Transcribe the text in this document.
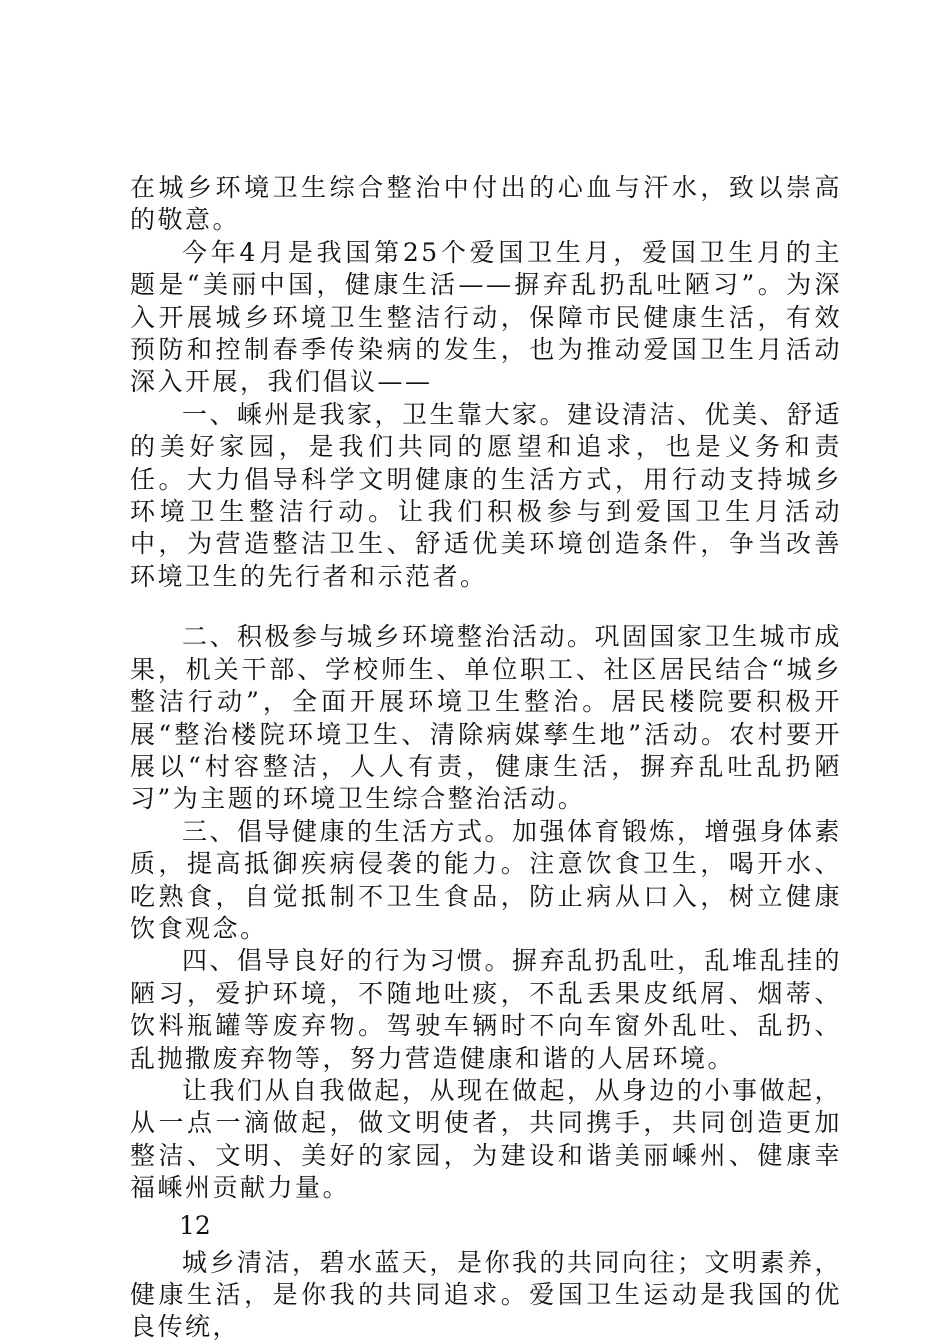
在城乡环境卫生综合整治中付出的心血与汗水，致以崇高的敬意。

今年4月是我国第25个爱国卫生月，爱国卫生月的主题是“美丽中国，健康生活——摒弃乱扔乱吐陋习”。为深入开展城乡环境卫生整洁行动，保障市民健康生活，有效预防和控制春季传染病的发生，也为推动爱国卫生月活动深入开展，我们倡议——

一、嵊州是我家，卫生靠大家。建设清洁、优美、舒适的美好家园，是我们共同的愿望和追求，也是义务和责任。大力倡导科学文明健康的生活方式，用行动支持城乡环境卫生整洁行动。让我们积极参与到爱国卫生月活动中，为营造整洁卫生、舒适优美环境创造条件，争当改善环境卫生的先行者和示范者。

二、积极参与城乡环境整治活动。巩固国家卫生城市成果，机关干部、学校师生、单位职工、社区居民结合“城乡整洁行动”，全面开展环境卫生整治。居民楼院要积极开展“整治楼院环境卫生、清除病媒孳生地”活动。农村要开展以“村容整洁，人人有责，健康生活，摒弃乱吐乱扔陋习”为主题的环境卫生综合整治活动。

三、倡导健康的生活方式。加强体育锻炼，增强身体素质，提高抵御疾病侵袭的能力。注意饮食卫生，喝开水、吃熟食，自觉抵制不卫生食品，防止病从口入，树立健康饮食观念。

四、倡导良好的行为习惯。摒弃乱扔乱吐，乱堆乱挂的陋习，爱护环境，不随地吐痰，不乱丢果皮纸屑、烟蒂、饮料瓶罐等废弃物。驾驶车辆时不向车窗外乱吐、乱扔、乱抛撒废弃物等，努力营造健康和谐的人居环境。

让我们从自我做起，从现在做起，从身边的小事做起，从一点一滴做起，做文明使者，共同携手，共同创造更加整洁、文明、美好的家园，为建设和谐美丽嵊州、健康幸福嵊州贡献力量。

12

城乡清洁，碧水蓝天，是你我的共同向往；文明素养，健康生活，是你我的共同追求。爱国卫生运动是我国的优良传统，
